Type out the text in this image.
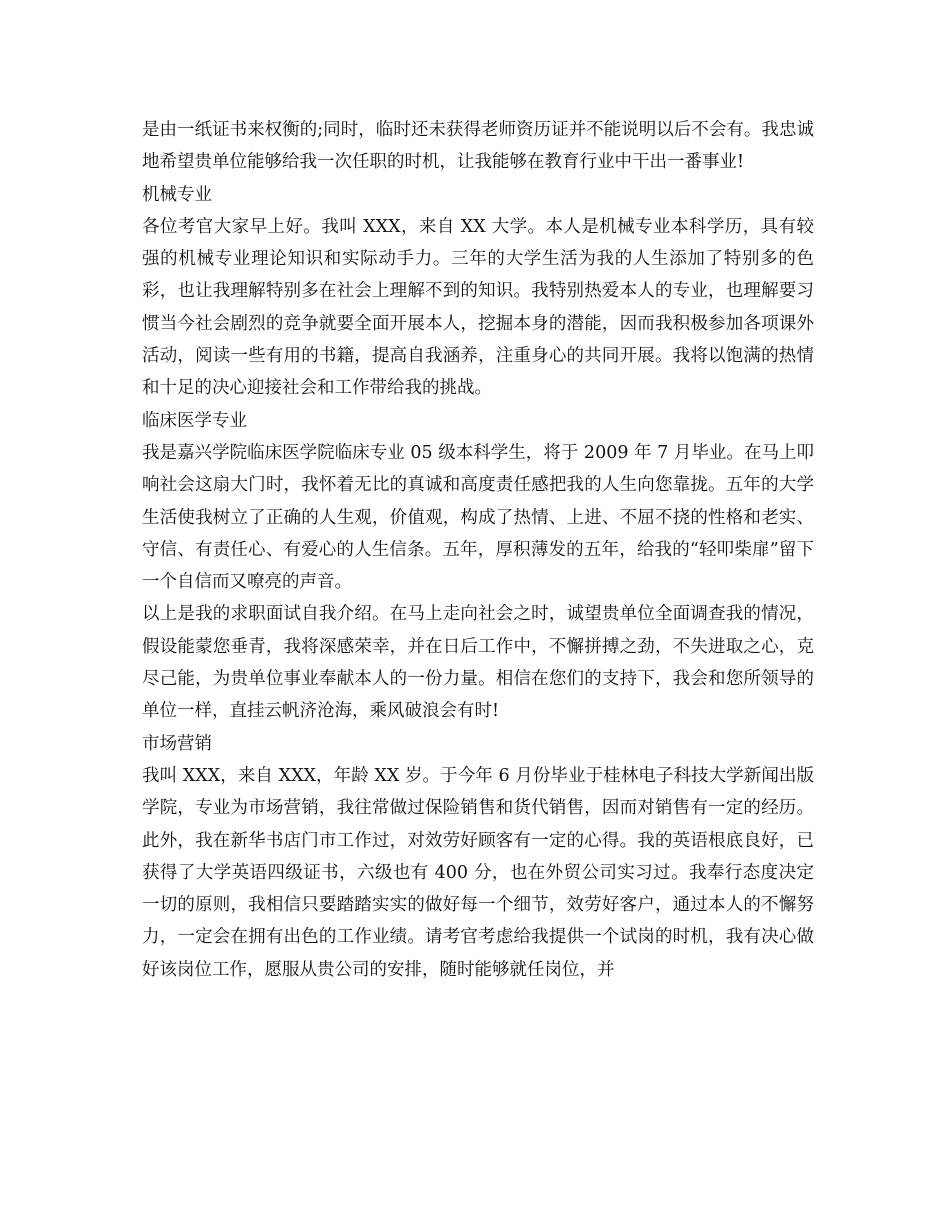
是由一纸证书来权衡的;同时，临时还未获得老师资历证并不能说明以后不会有。我忠诚地希望贵单位能够给我一次任职的时机，让我能够在教育行业中干出一番事业!

机械专业

各位考官大家早上好。我叫 XXX，来自 XX 大学。本人是机械专业本科学历，具有较强的机械专业理论知识和实际动手力。三年的大学生活为我的人生添加了特别多的色彩，也让我理解特别多在社会上理解不到的知识。我特别热爱本人的专业，也理解要习惯当今社会剧烈的竞争就要全面开展本人，挖掘本身的潜能，因而我积极参加各项课外活动，阅读一些有用的书籍，提高自我涵养，注重身心的共同开展。我将以饱满的热情和十足的决心迎接社会和工作带给我的挑战。

临床医学专业

我是嘉兴学院临床医学院临床专业 05 级本科学生，将于 2009 年 7 月毕业。在马上叩响社会这扇大门时，我怀着无比的真诚和高度责任感把我的人生向您靠拢。五年的大学生活使我树立了正确的人生观，价值观，构成了热情、上进、不屈不挠的性格和老实、守信、有责任心、有爱心的人生信条。五年，厚积薄发的五年，给我的“轻叩柴扉”留下一个自信而又嘹亮的声音。

以上是我的求职面试自我介绍。在马上走向社会之时，诚望贵单位全面调查我的情况，假设能蒙您垂青，我将深感荣幸，并在日后工作中，不懈拼搏之劲，不失进取之心，克尽己能，为贵单位事业奉献本人的一份力量。相信在您们的支持下，我会和您所领导的单位一样，直挂云帆济沧海，乘风破浪会有时!

市场营销

我叫 XXX，来自 XXX，年龄 XX 岁。于今年 6 月份毕业于桂林电子科技大学新闻出版学院，专业为市场营销，我往常做过保险销售和货代销售，因而对销售有一定的经历。此外，我在新华书店门市工作过，对效劳好顾客有一定的心得。我的英语根底良好，已获得了大学英语四级证书，六级也有 400 分，也在外贸公司实习过。我奉行态度决定一切的原则，我相信只要踏踏实实的做好每一个细节，效劳好客户，通过本人的不懈努力，一定会在拥有出色的工作业绩。请考官考虑给我提供一个试岗的时机，我有决心做好该岗位工作，愿服从贵公司的安排，随时能够就任岗位，并
